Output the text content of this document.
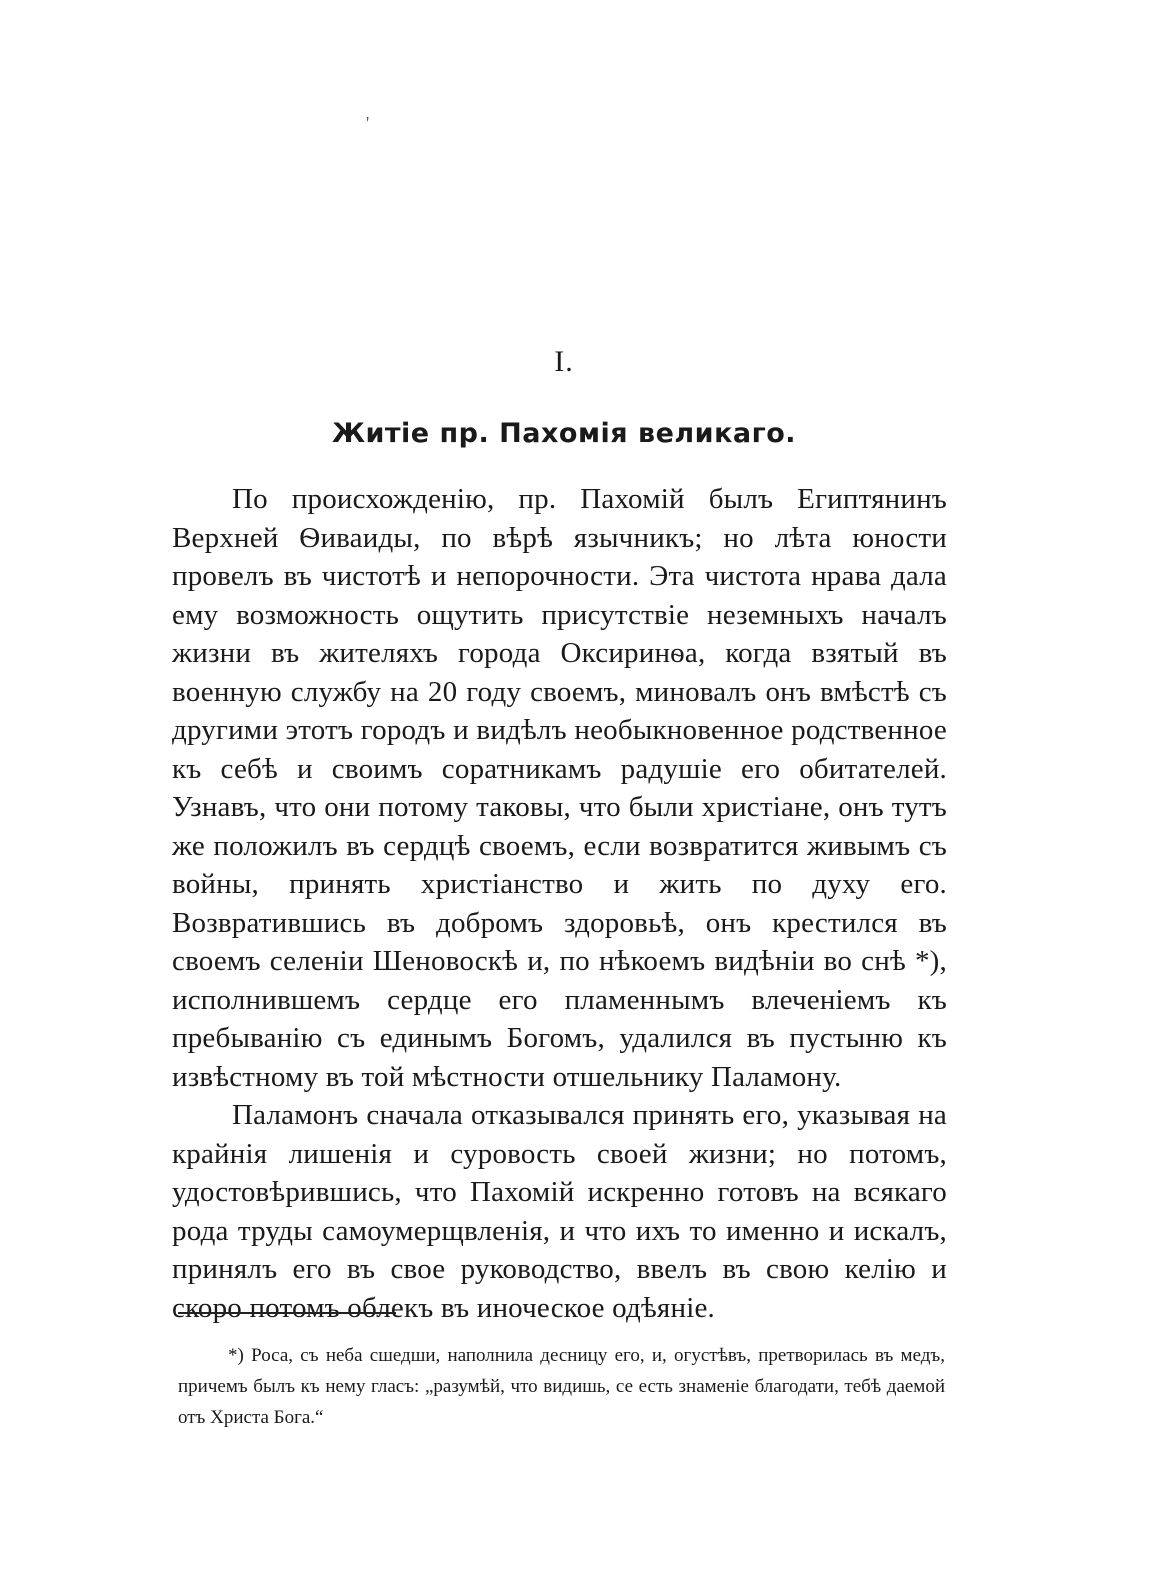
'
I.
Житіе пр. Пахомія великаго.

По происхожденію, пр. Пахомій былъ Египтянинъ Верхней Ѳиваиды, по вѣрѣ язычникъ; но лѣта юности провелъ въ чистотѣ и непорочности. Эта чистота нрава дала ему возможность ощутить присутствіе неземныхъ началъ жизни въ жителяхъ города Оксиринѳа, когда взятый въ военную службу на 20 году своемъ, миновалъ онъ вмѣстѣ съ другими этотъ городъ и видѣлъ необыкновенное родственное къ себѣ и своимъ соратникамъ радушіе его обитателей. Узнавъ, что они потому таковы, что были христіане, онъ тутъ же положилъ въ сердцѣ своемъ, если возвратится живымъ съ войны, принять христіанство и жить по духу его. Возвратившись въ добромъ здоровьѣ, онъ крестился въ своемъ селеніи Шеновоскѣ и, по нѣкоемъ видѣніи во снѣ *), исполнившемъ сердце его пламеннымъ влеченіемъ къ пребыванію съ единымъ Богомъ, удалился въ пустыню къ извѣстному въ той мѣстности отшельнику Паламону.

Паламонъ сначала отказывался принять его, указывая на крайнія лишенія и суровость своей жизни; но потомъ, удостовѣрившись, что Пахомій искренно готовъ на всякаго рода труды самоумерщвленія, и что ихъ то именно и искалъ, принялъ его въ свое руководство, ввелъ въ свою келію и скоро потомъ облекъ въ иноческое одѣяніе.

*) Роса, съ неба сшедши, наполнила десницу его, и, огустѣвъ, претворилась въ медъ, причемъ былъ къ нему гласъ: „разумѣй, что видишь, се есть знаменіе благодати, тебѣ даемой отъ Христа Бога.“
